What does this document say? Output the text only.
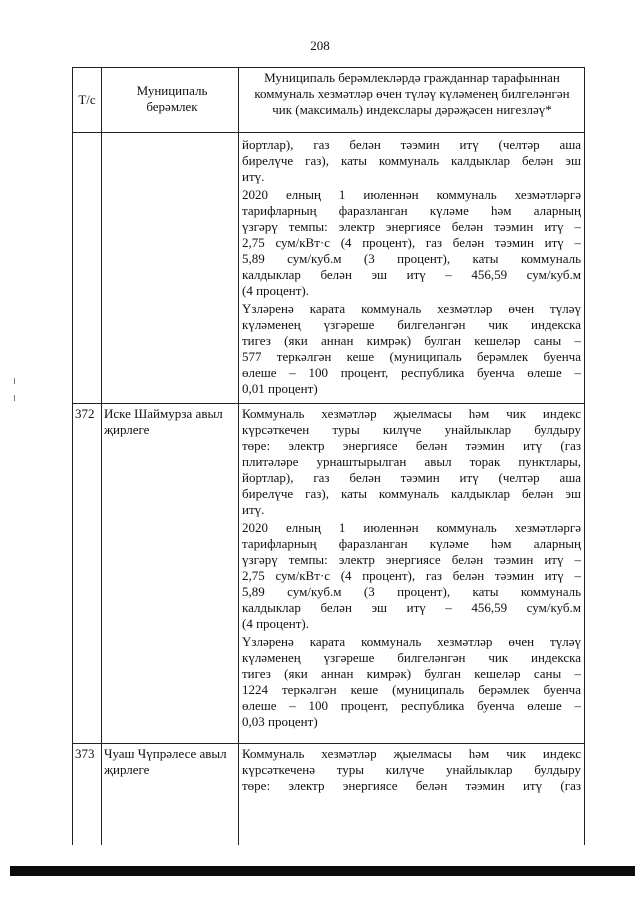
208
Т/с
Муниципаль берәмлек
Муниципаль берәмлекләрдә гражданнар тарафыннан коммуналь хезмәтләр өчен түләү күләменең билгеләнгән чик (максималь) индекслары дәрәҗәсен нигезләү*
йортлар), газ белән тәэмин итү (челтәр аша
бирелүче газ), каты коммуналь калдыклар белән эш
итү.
2020 елның 1 июленнән коммуналь хезмәтләргә
тарифларның фаразланган күләме һәм аларның
үзгәрү темпы: электр энергиясе белән тәэмин итү –
2,75 сум/кВт·с (4 процент), газ белән тәэмин итү –
5,89 сум/куб.м (3 процент), каты коммуналь
калдыклар белән эш итү – 456,59 сум/куб.м
(4 процент).
Үзләренә карата коммуналь хезмәтләр өчен түләү
күләменең үзгәреше билгеләнгән чик индекска
тигез (яки аннан кимрәк) булган кешеләр саны –
577 теркәлгән кеше (муниципаль берәмлек буенча
өлеше – 100 процент, республика буенча өлеше –
0,01 процент)
372 Иске Шаймурза авыл җирлеге
Коммуналь хезмәтләр җыелмасы һәм чик индекс
күрсәткечен туры килүче унайлыклар булдыру
төре: электр энергиясе белән тәэмин итү (газ
плитәләре урнаштырылган авыл торак пунктлары,
йортлар), газ белән тәэмин итү (челтәр аша
бирелүче газ), каты коммуналь калдыклар белән эш
итү.
2020 елның 1 июленнән коммуналь хезмәтләргә
тарифларның фаразланган күләме һәм аларның
үзгәрү темпы: электр энергиясе белән тәэмин итү –
2,75 сум/кВт·с (4 процент), газ белән тәэмин итү –
5,89 сум/куб.м (3 процент), каты коммуналь
калдыклар белән эш итү – 456,59 сум/куб.м
(4 процент).
Үзләренә карата коммуналь хезмәтләр өчен түләү
күләменең үзгәреше билгеләнгән чик индекска
тигез (яки аннан кимрәк) булган кешеләр саны –
1224 теркәлгән кеше (муниципаль берәмлек буенча
өлеше – 100 процент, республика буенча өлеше –
0,03 процент)
373 Чуаш Чүпрәлесе авыл җирлеге
Коммуналь хезмәтләр җыелмасы һәм чик индекс
күрсәткеченә туры килүче унайлыклар булдыру
төре: электр энергиясе белән тәэмин итү (газ
